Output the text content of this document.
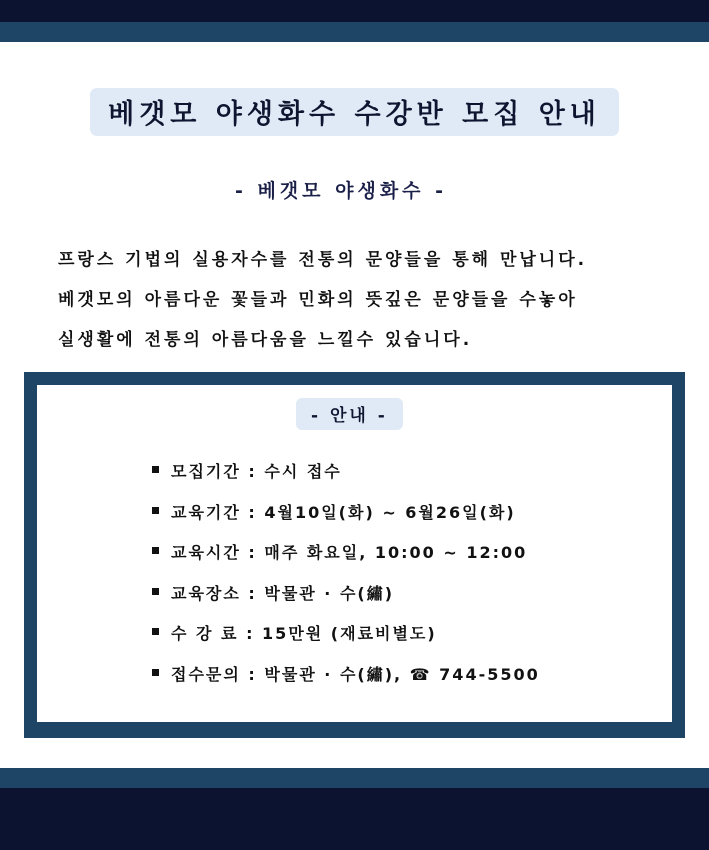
베갯모 야생화수 수강반 모집 안내
- 베갯모 야생화수 -
프랑스 기법의 실용자수를 전통의 문양들을 통해 만납니다.
베갯모의 아름다운 꽃들과 민화의 뜻깊은 문양들을 수놓아
실생활에 전통의 아름다움을 느낄수 있습니다.
- 안내 -
모집기간 : 수시 접수
교육기간 : 4월10일(화) ~ 6월26일(화)
교육시간 : 매주 화요일, 10:00 ~ 12:00
교육장소 : 박물관 · 수(繡)
수 강 료 : 15만원 (재료비별도)
접수문의 : 박물관 · 수(繡), ☎ 744-5500
